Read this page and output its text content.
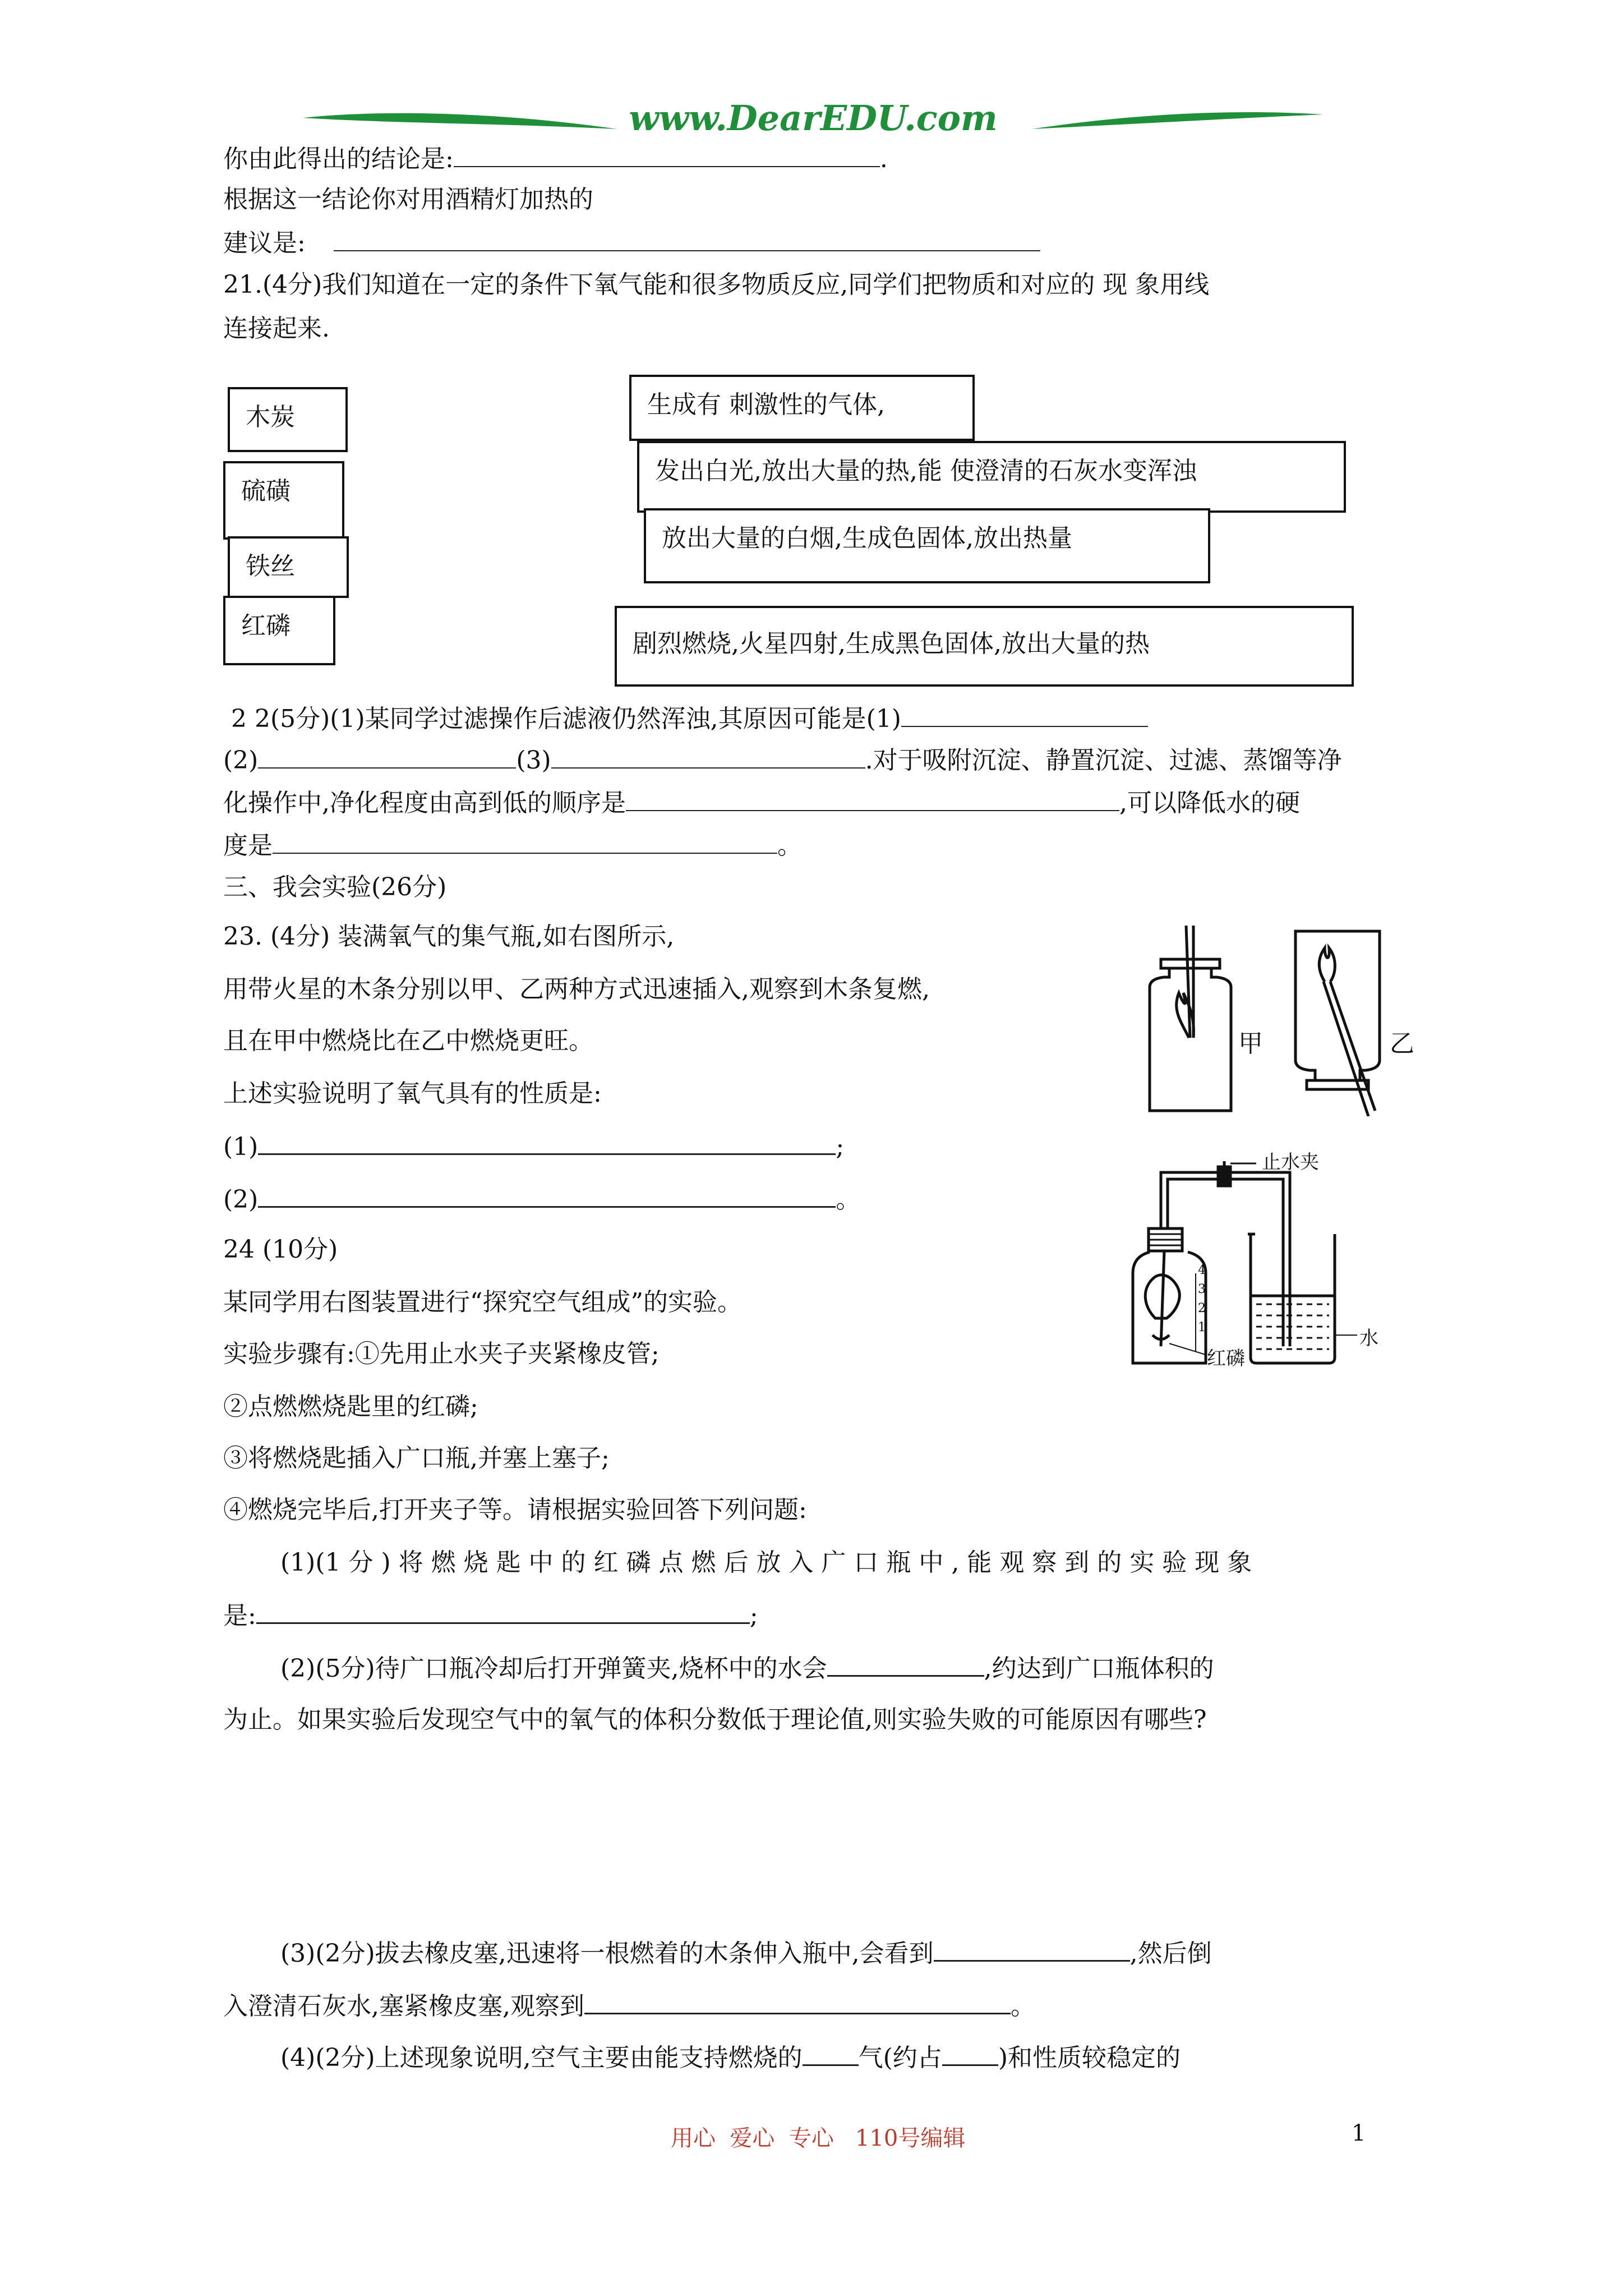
www.DearEDU.com
你由此得出的结论是:	.
根据这一结论你对用酒精灯加热的
建议是:
21.(4分)我们知道在一定的条件下氧气能和很多物质反应,同学们把物质和对应的 现 象用线
连接起来.
木炭
硫磺
铁丝
红磷
生成有 刺激性的气体,
发出白光,放出大量的热,能 使澄清的石灰水变浑浊
放出大量的白烟,生成色固体,放出热量
剧烈燃烧,火星四射,生成黑色固体,放出大量的热
2 2(5分)(1)某同学过滤操作后滤液仍然浑浊,其原因可能是(1)
(2)	(3)	.对于吸附沉淀、静置沉淀、过滤、蒸馏等净
化操作中,净化程度由高到低的顺序是	,可以降低水的硬
度是	。
三、我会实验(26分)
23. (4分) 装满氧气的集气瓶,如右图所示,
用带火星的木条分别以甲、乙两种方式迅速插入,观察到木条复燃,
且在甲中燃烧比在乙中燃烧更旺。
上述实验说明了氧气具有的性质是:
(1)	;
(2)	。
甲	乙
24 (10分)
某同学用右图装置进行“探究空气组成”的实验。
实验步骤有:①先用止水夹子夹紧橡皮管;
②点燃燃烧匙里的红磷;
③将燃烧匙插入广口瓶,并塞上塞子;
④燃烧完毕后,打开夹子等。请根据实验回答下列问题:
止水夹
红磷
水
4
3
2
1
(1)(1 分 ) 将 燃 烧 匙 中 的 红 磷 点 燃 后 放 入 广 口 瓶 中 , 能 观 察 到 的 实 验 现 象
是:	;
(2)(5分)待广口瓶冷却后打开弹簧夹,烧杯中的水会	,约达到广口瓶体积的
为止。如果实验后发现空气中的氧气的体积分数低于理论值,则实验失败的可能原因有哪些?
(3)(2分)拔去橡皮塞,迅速将一根燃着的木条伸入瓶中,会看到	,然后倒
入澄清石灰水,塞紧橡皮塞,观察到	。
(4)(2分)上述现象说明,空气主要由能支持燃烧的 气(约占 )和性质较稳定的
用心  爱心  专心   110号编辑	1
